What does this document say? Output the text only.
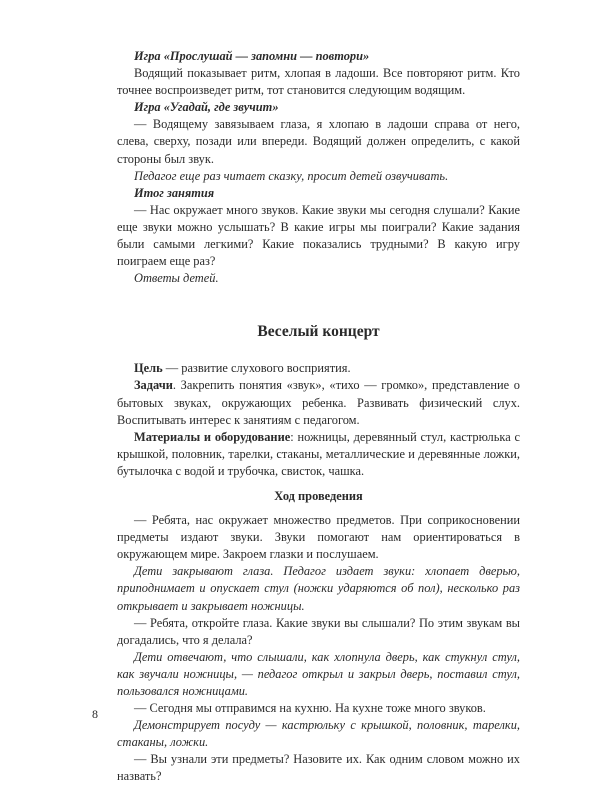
Игра «Прослушай — запомни — повтори»

Водящий показывает ритм, хлопая в ладоши. Все повторяют ритм. Кто точнее воспроизведет ритм, тот становится следующим водящим.

Игра «Угадай, где звучит»

— Водящему завязываем глаза, я хлопаю в ладоши справа от него, слева, сверху, позади или впереди. Водящий должен определить, с какой стороны был звук.

Педагог еще раз читает сказку, просит детей озвучивать.

Итог занятия

— Нас окружает много звуков. Какие звуки мы сегодня слушали? Какие еще звуки можно услышать? В какие игры мы поиграли? Какие задания были самыми легкими? Какие показались трудными? В какую игру поиграем еще раз?

Ответы детей.

Веселый концерт

Цель — развитие слухового восприятия.

Задачи. Закрепить понятия «звук», «тихо — громко», представление о бытовых звуках, окружающих ребенка. Развивать физический слух. Воспитывать интерес к занятиям с педагогом.

Материалы и оборудование: ножницы, деревянный стул, кастрюлька с крышкой, половник, тарелки, стаканы, металлические и деревянные ложки, бутылочка с водой и трубочка, свисток, чашка.

Ход проведения

— Ребята, нас окружает множество предметов. При соприкосновении предметы издают звуки. Звуки помогают нам ориентироваться в окружающем мире. Закроем глазки и послушаем.

Дети закрывают глаза. Педагог издает звуки: хлопает дверью, приподнимает и опускает стул (ножки ударяются об пол), несколько раз открывает и закрывает ножницы.

— Ребята, откройте глаза. Какие звуки вы слышали? По этим звукам вы догадались, что я делала?

Дети отвечают, что слышали, как хлопнула дверь, как стукнул стул, как звучали ножницы, — педагог открыл и закрыл дверь, поставил стул, пользовался ножницами.

— Сегодня мы отправимся на кухню. На кухне тоже много звуков.

Демонстрирует посуду — кастрюльку с крышкой, половник, тарелки, стаканы, ложки.

— Вы узнали эти предметы? Назовите их. Как одним словом можно их назвать?

8
